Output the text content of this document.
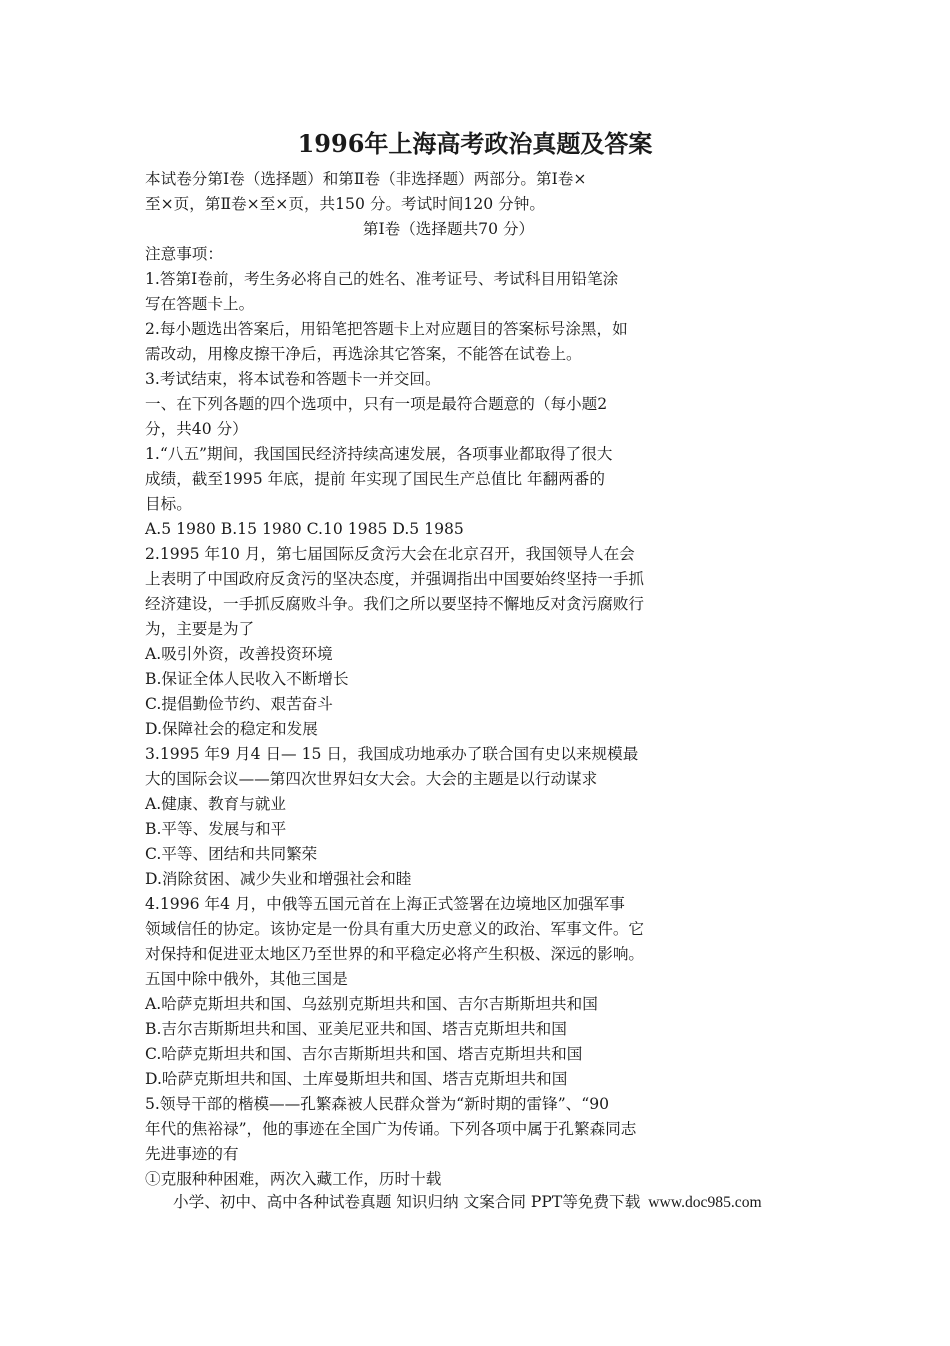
1996年上海高考政治真题及答案
本试卷分第Ⅰ卷（选择题）和第Ⅱ卷（非选择题）两部分。第Ⅰ卷×
至×页，第Ⅱ卷×至×页，共150 分。考试时间120 分钟。
第Ⅰ卷（选择题共70 分）
注意事项：
1.答第Ⅰ卷前，考生务必将自己的姓名、准考证号、考试科目用铅笔涂
写在答题卡上。
2.每小题选出答案后，用铅笔把答题卡上对应题目的答案标号涂黑，如
需改动，用橡皮擦干净后，再选涂其它答案，不能答在试卷上。
3.考试结束，将本试卷和答题卡一并交回。
一、在下列各题的四个选项中，只有一项是最符合题意的（每小题2
分，共40 分）
1.“八五”期间，我国国民经济持续高速发展，各项事业都取得了很大
成绩，截至1995 年底，提前 年实现了国民生产总值比 年翻两番的
目标。
A.5 1980 B.15 1980 C.10 1985 D.5 1985
2.1995 年10 月，第七届国际反贪污大会在北京召开，我国领导人在会
上表明了中国政府反贪污的坚决态度，并强调指出中国要始终坚持一手抓
经济建设，一手抓反腐败斗争。我们之所以要坚持不懈地反对贪污腐败行
为，主要是为了
A.吸引外资，改善投资环境
B.保证全体人民收入不断增长
C.提倡勤俭节约、艰苦奋斗
D.保障社会的稳定和发展
3.1995 年9 月4 日— 15 日，我国成功地承办了联合国有史以来规模最
大的国际会议——第四次世界妇女大会。大会的主题是以行动谋求
A.健康、教育与就业
B.平等、发展与和平
C.平等、团结和共同繁荣
D.消除贫困、减少失业和增强社会和睦
4.1996 年4 月，中俄等五国元首在上海正式签署在边境地区加强军事
领域信任的协定。该协定是一份具有重大历史意义的政治、军事文件。它
对保持和促进亚太地区乃至世界的和平稳定必将产生积极、深远的影响。
五国中除中俄外，其他三国是
A.哈萨克斯坦共和国、乌兹别克斯坦共和国、吉尔吉斯斯坦共和国
B.吉尔吉斯斯坦共和国、亚美尼亚共和国、塔吉克斯坦共和国
C.哈萨克斯坦共和国、吉尔吉斯斯坦共和国、塔吉克斯坦共和国
D.哈萨克斯坦共和国、土库曼斯坦共和国、塔吉克斯坦共和国
5.领导干部的楷模——孔繁森被人民群众誉为“新时期的雷锋”、“90
年代的焦裕禄”，他的事迹在全国广为传诵。下列各项中属于孔繁森同志
先进事迹的有
①克服种种困难，两次入藏工作，历时十载
小学、初中、高中各种试卷真题 知识归纳 文案合同 PPT等免费下载 www.doc985.com
